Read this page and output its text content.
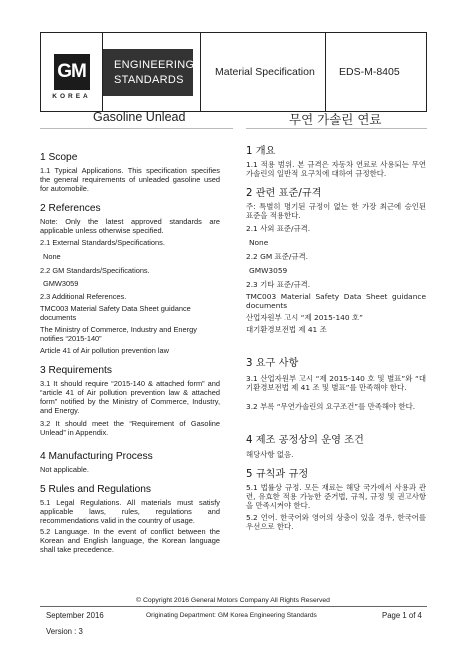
GM
KOREA
ENGINEERING
STANDARDS
Material Specification EDS-M-8405
Gasoline Unlead	무연 가솔린 연료

1 Scope

1.1 Typical Applications. This specification specifies the general requirements of unleaded gasoline used for automobile.

2 References

Note: Only the latest approved standards are applicable unless otherwise specified.

2.1 External Standards/Specifications.

None

2.2 GM Standards/Specifications.

GMW3059

2.3 Additional References.

TMC003 Material Safety Data Sheet guidance documents

The Ministry of Commerce, Industry and Energy notifies “2015-140”

Article 41 of Air pollution prevention law

3 Requirements

3.1 It should require “2015-140 & attached form” and “article 41 of Air pollution prevention law & attached form” notified by the Ministry of Commerce, Industry, and Energy.

3.2 It should meet the “Requirement of Gasoline Unlead” in Appendix.

4 Manufacturing Process

Not applicable.

5 Rules and Regulations

5.1 Legal Regulations. All materials must satisfy applicable laws, rules, regulations and recommendations valid in the country of usage.

5.2 Language. In the event of conflict between the Korean and English language, the Korean language shall take precedence.

1 개요

1.1 적용 범위. 본 규격은 자동차 연료로 사용되는 무연 가솔린의 일반적 요구치에 대하여 규정한다.

2 관련 표준/규격

주: 특별히 명기된 규정이 없는 한 가장 최근에 승인된 표준을 적용한다.

2.1 사외 표준/규격.

None

2.2 GM 표준/규격.

GMW3059

2.3 기타 표준/규격.

TMC003 Material Safety Data Sheet guidance documents

산업자원부 고시 “제 2015-140 호”

대기환경보전법 제 41 조

3 요구 사항

3.1 산업자원부 고시 “제 2015-140 호 및 별표”와 “대기환경보전법 제 41 조 및 별표”를 만족해야 한다.

3.2 부록 “무연가솔린의 요구조건”를 만족해야 한다.

4 제조 공정상의 운영 조건

해당사항 없음.

5 규칙과 규정

5.1 법률상 규정. 모든 재료는 해당 국가에서 사용과 관련, 유효한 적용 가능한 준거법, 규칙, 규정 및 권고사항을 만족시켜야 한다.

5.2 언어. 한국어와 영어의 상충이 있을 경우, 한국어를 우선으로 한다.

© Copyright 2016 General Motors Company All Rights Reserved
September 2016	Originating Department: GM Korea Engineering Standards	Page 1 of 4
Version : 3
